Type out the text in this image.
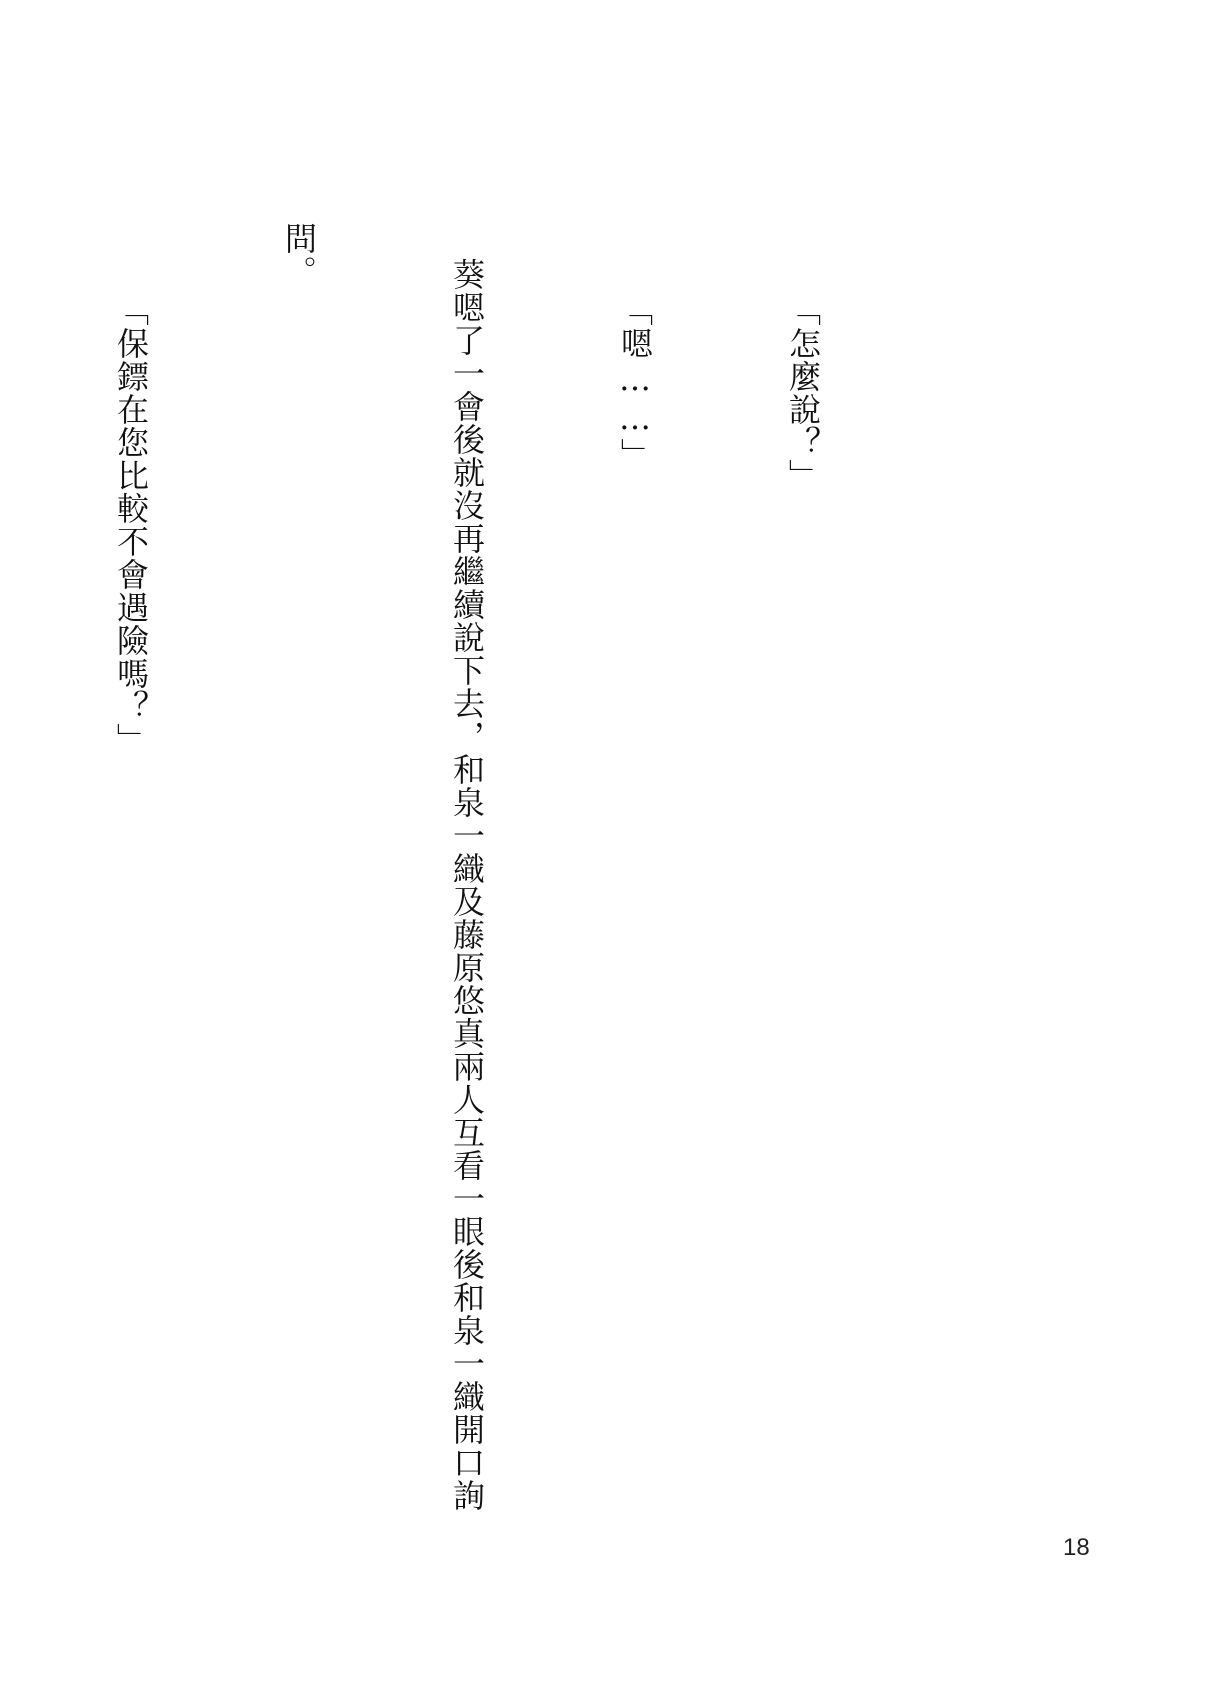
「怎麼說？」

「嗯……」

葵嗯了一會後就沒再繼續說下去，和泉一織及藤原悠真兩人互看一眼後和泉一織開口詢

問。

「保鏢在您比較不會遇險嗎？」

18
